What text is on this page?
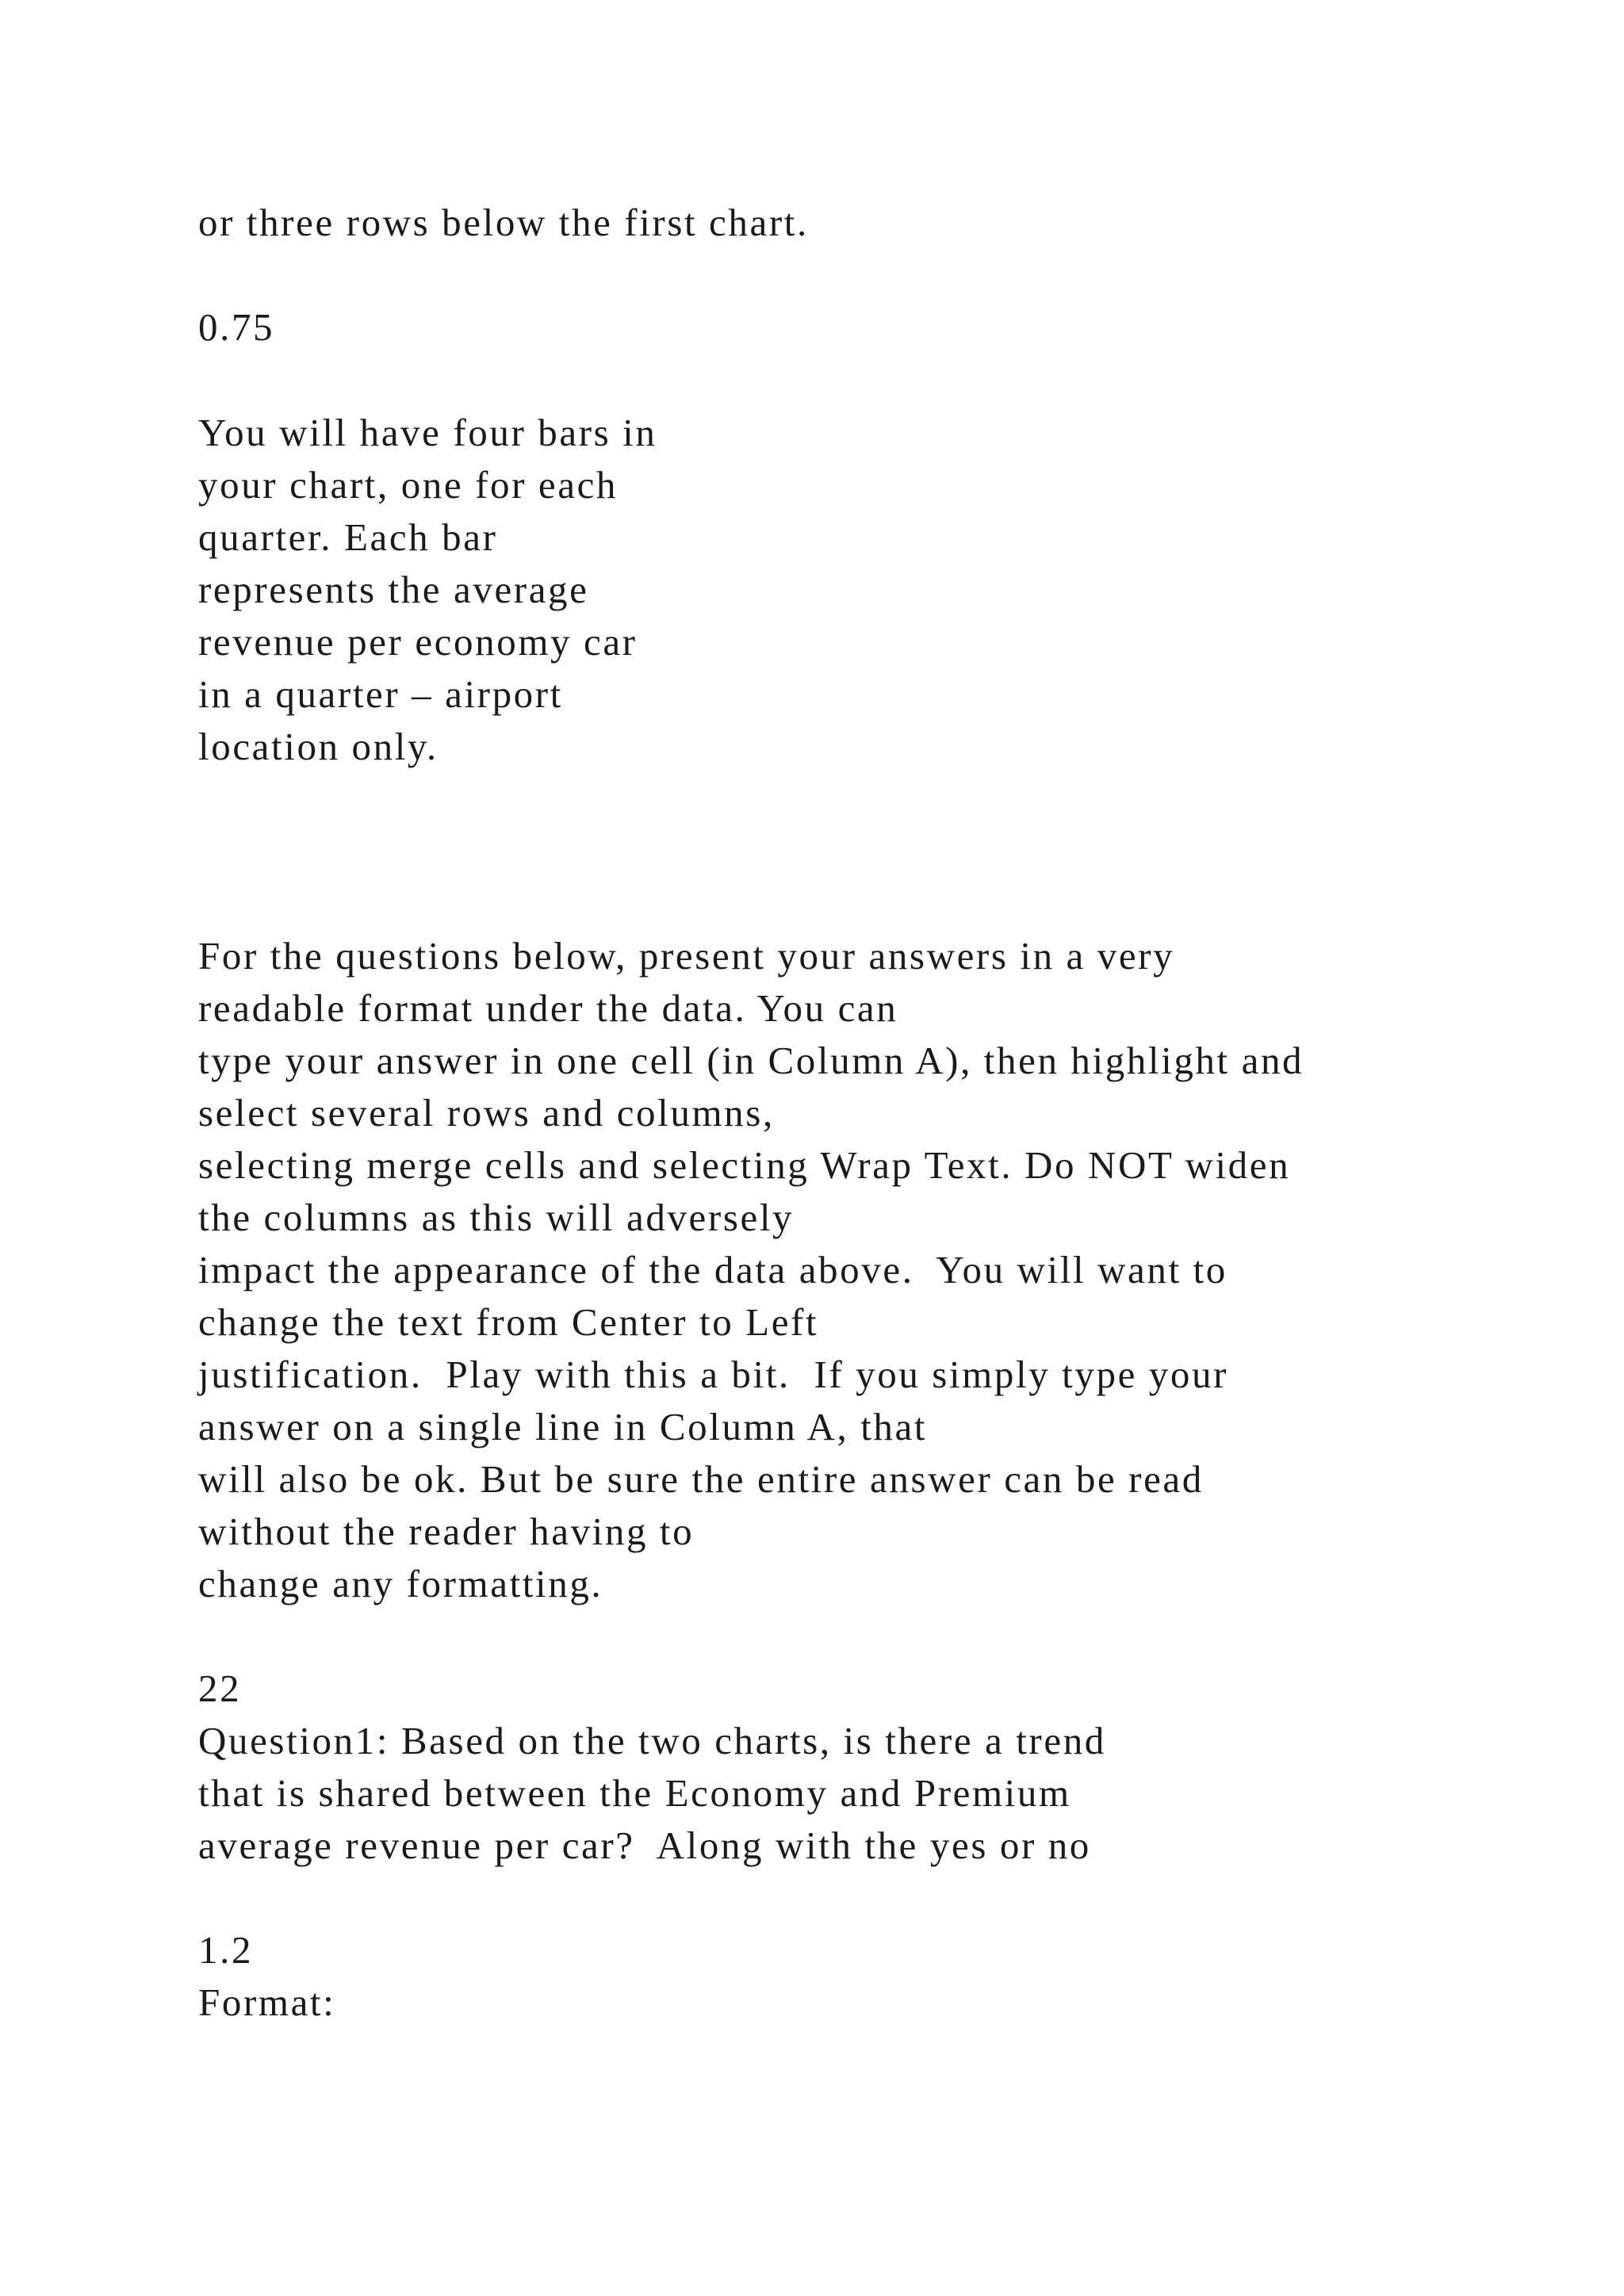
or three rows below the first chart.

0.75

You will have four bars in

your chart, one for each

quarter. Each bar

represents the average

revenue per economy car

in a quarter – airport

location only.

For the questions below, present your answers in a very

readable format under the data. You can

type your answer in one cell (in Column A), then highlight and

select several rows and columns,

selecting merge cells and selecting Wrap Text. Do NOT widen

the columns as this will adversely

impact the appearance of the data above.  You will want to

change the text from Center to Left

justification.  Play with this a bit.  If you simply type your

answer on a single line in Column A, that

will also be ok. But be sure the entire answer can be read

without the reader having to

change any formatting.

22

Question1: Based on the two charts, is there a trend

that is shared between the Economy and Premium

average revenue per car?  Along with the yes or no

1.2

Format:
